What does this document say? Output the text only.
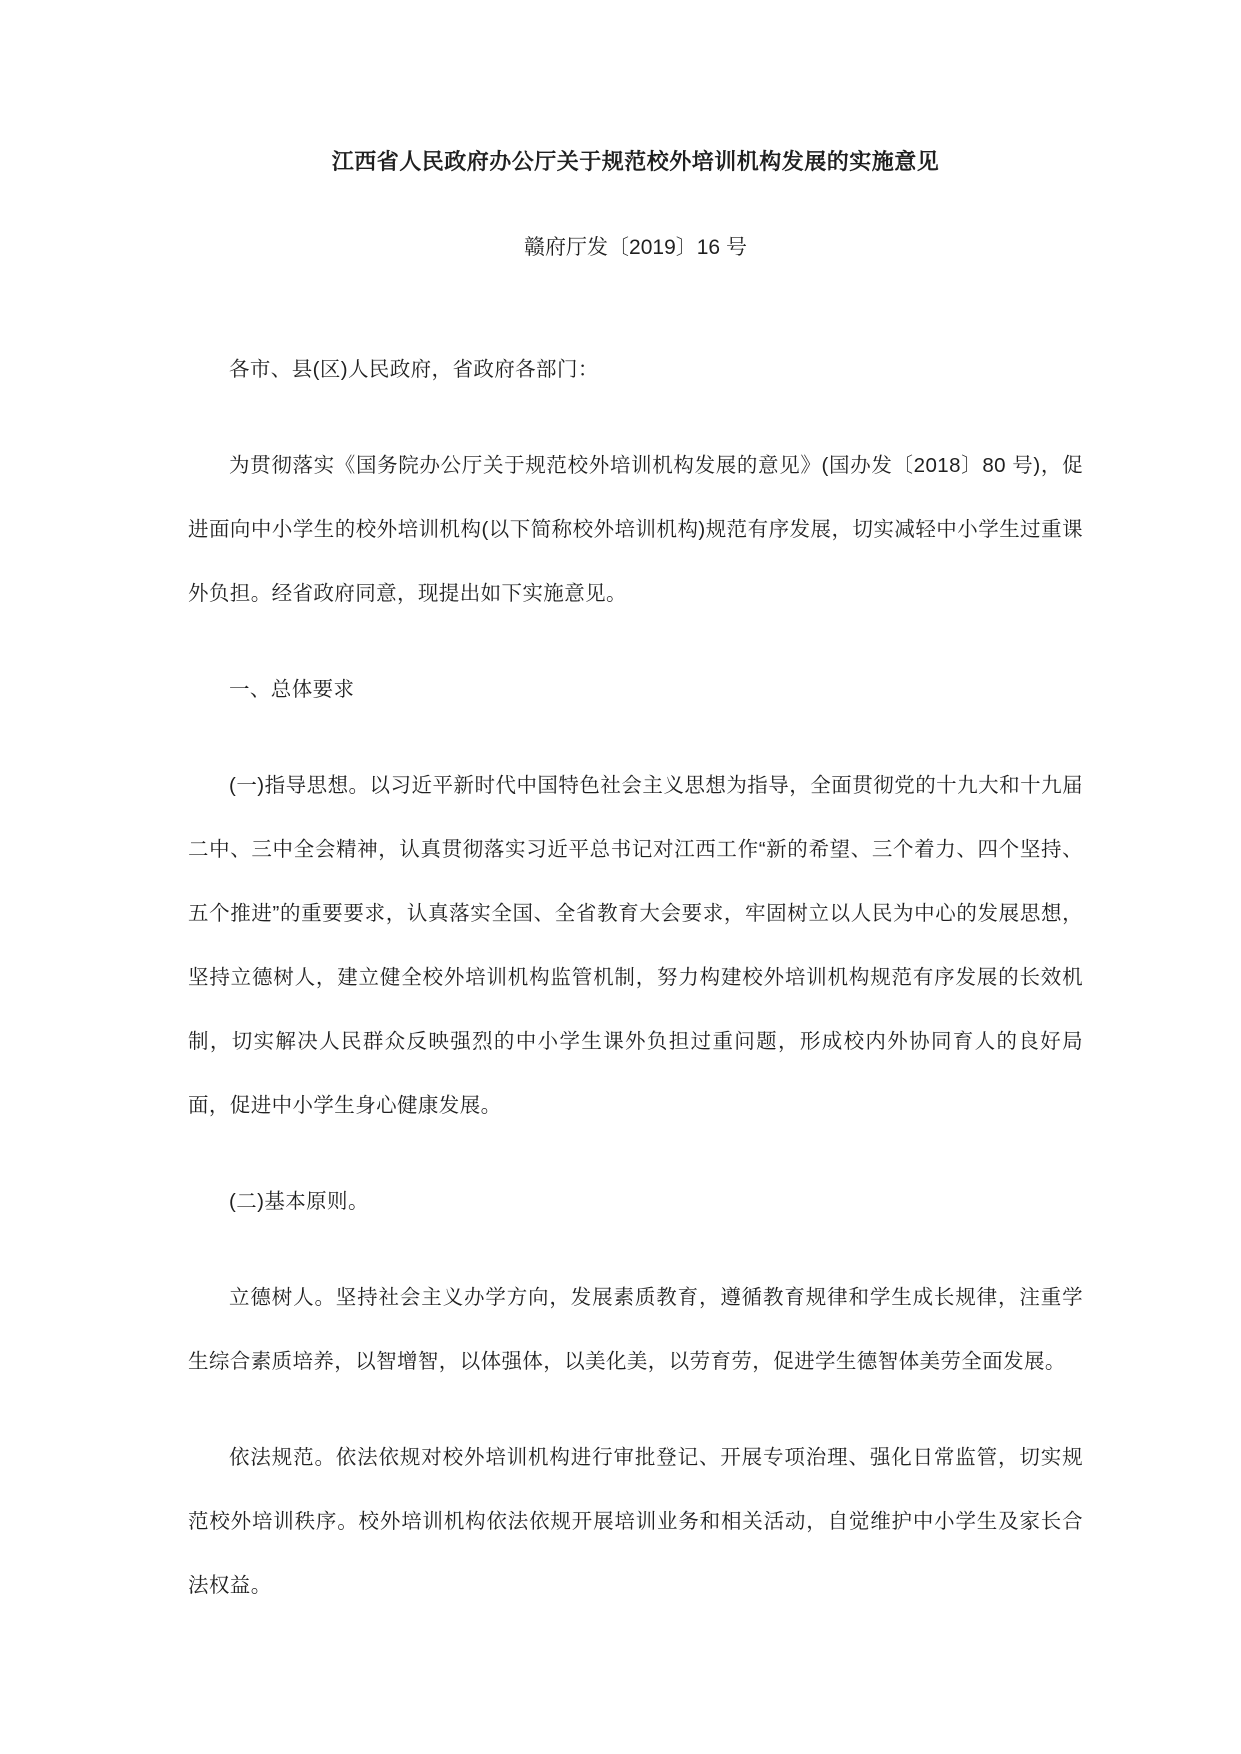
江西省人民政府办公厅关于规范校外培训机构发展的实施意见

赣府厅发〔2019〕16 号

各市、县(区)人民政府，省政府各部门：

为贯彻落实《国务院办公厅关于规范校外培训机构发展的意见》(国办发〔2018〕80 号)，促进面向中小学生的校外培训机构(以下简称校外培训机构)规范有序发展，切实减轻中小学生过重课外负担。经省政府同意，现提出如下实施意见。

一、总体要求

(一)指导思想。以习近平新时代中国特色社会主义思想为指导，全面贯彻党的十九大和十九届二中、三中全会精神，认真贯彻落实习近平总书记对江西工作“新的希望、三个着力、四个坚持、五个推进”的重要要求，认真落实全国、全省教育大会要求，牢固树立以人民为中心的发展思想，坚持立德树人，建立健全校外培训机构监管机制，努力构建校外培训机构规范有序发展的长效机制，切实解决人民群众反映强烈的中小学生课外负担过重问题，形成校内外协同育人的良好局面，促进中小学生身心健康发展。

(二)基本原则。

立德树人。坚持社会主义办学方向，发展素质教育，遵循教育规律和学生成长规律，注重学生综合素质培养，以智增智，以体强体，以美化美，以劳育劳，促进学生德智体美劳全面发展。

依法规范。依法依规对校外培训机构进行审批登记、开展专项治理、强化日常监管，切实规范校外培训秩序。校外培训机构依法依规开展培训业务和相关活动，自觉维护中小学生及家长合法权益。
